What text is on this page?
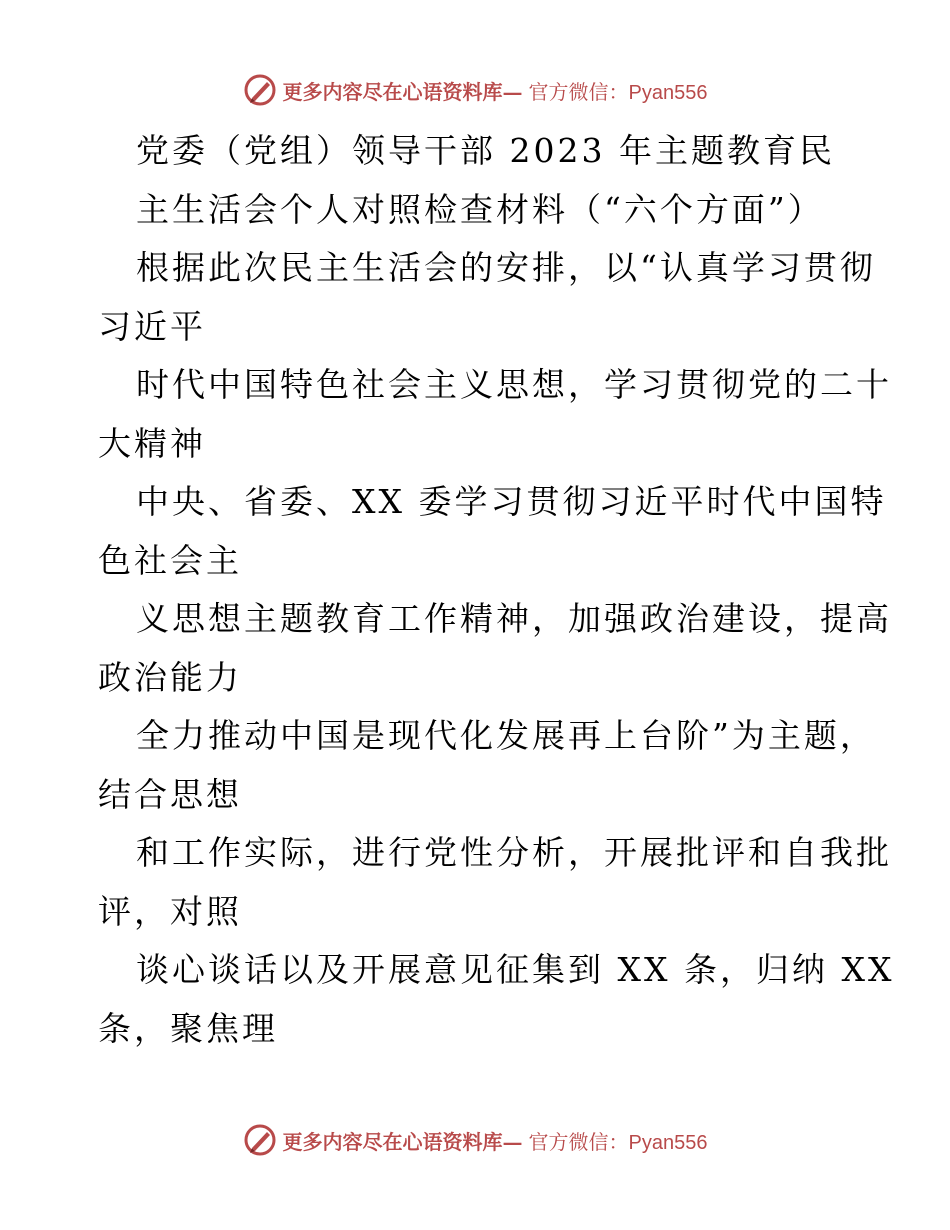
更多内容尽在心语资料库— 官方微信：Pyan556
党委（党组）领导干部 2023 年主题教育民
主生活会个人对照检查材料（“六个方面”）
根据此次民主生活会的安排，以“认真学习贯彻
习近平
时代中国特色社会主义思想，学习贯彻党的二十
大精神
中央、省委、XX 委学习贯彻习近平时代中国特
色社会主
义思想主题教育工作精神，加强政治建设，提高
政治能力
全力推动中国是现代化发展再上台阶”为主题，
结合思想
和工作实际，进行党性分析，开展批评和自我批
评，对照
谈心谈话以及开展意见征集到 XX 条，归纳 XX
条，聚焦理
更多内容尽在心语资料库— 官方微信：Pyan556
